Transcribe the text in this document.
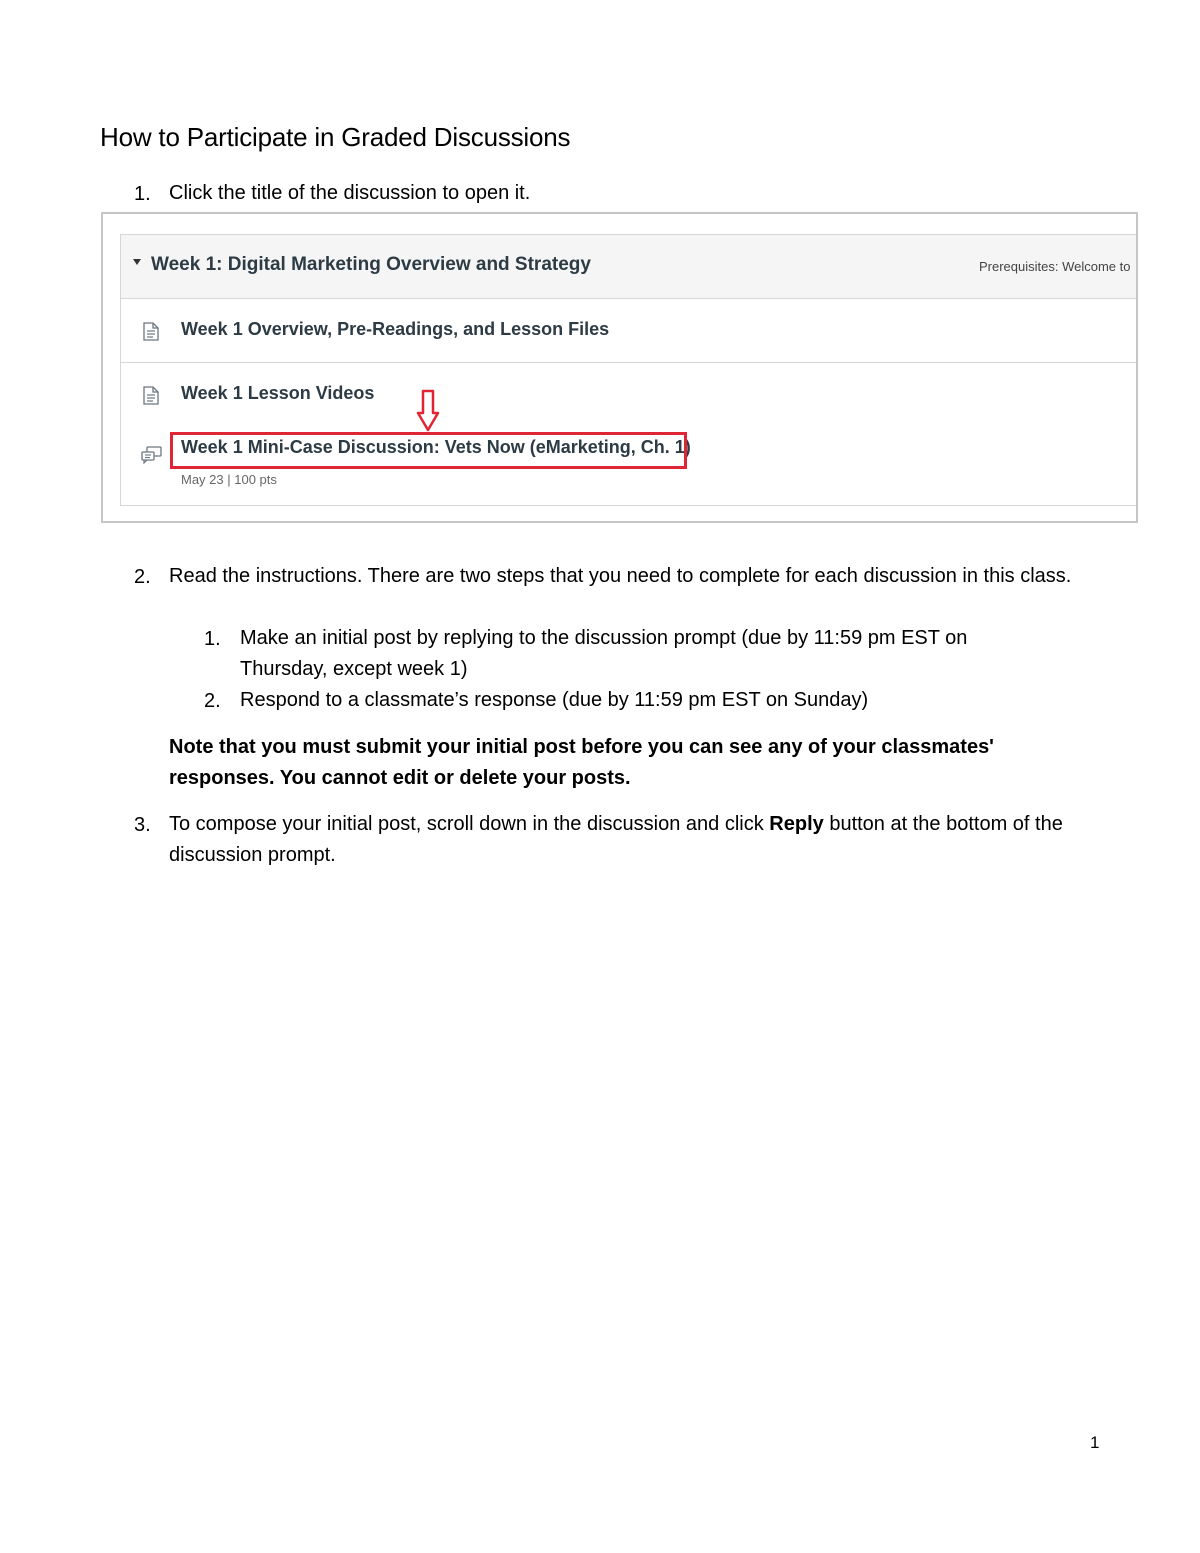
How to Participate in Graded Discussions
1. Click the title of the discussion to open it.
Week 1: Digital Marketing Overview and Strategy	Prerequisites: Welcome to
Week 1 Overview, Pre-Readings, and Lesson Files
Week 1 Lesson Videos
Week 1 Mini-Case Discussion: Vets Now (eMarketing, Ch. 1)
May 23 | 100 pts
2. Read the instructions. There are two steps that you need to complete for each discussion in this class.
1. Make an initial post by replying to the discussion prompt (due by 11:59 pm EST on Thursday, except week 1)
2. Respond to a classmate’s response (due by 11:59 pm EST on Sunday)
Note that you must submit your initial post before you can see any of your classmates' responses. You cannot edit or delete your posts.
3. To compose your initial post, scroll down in the discussion and click Reply button at the bottom of the discussion prompt.
1
